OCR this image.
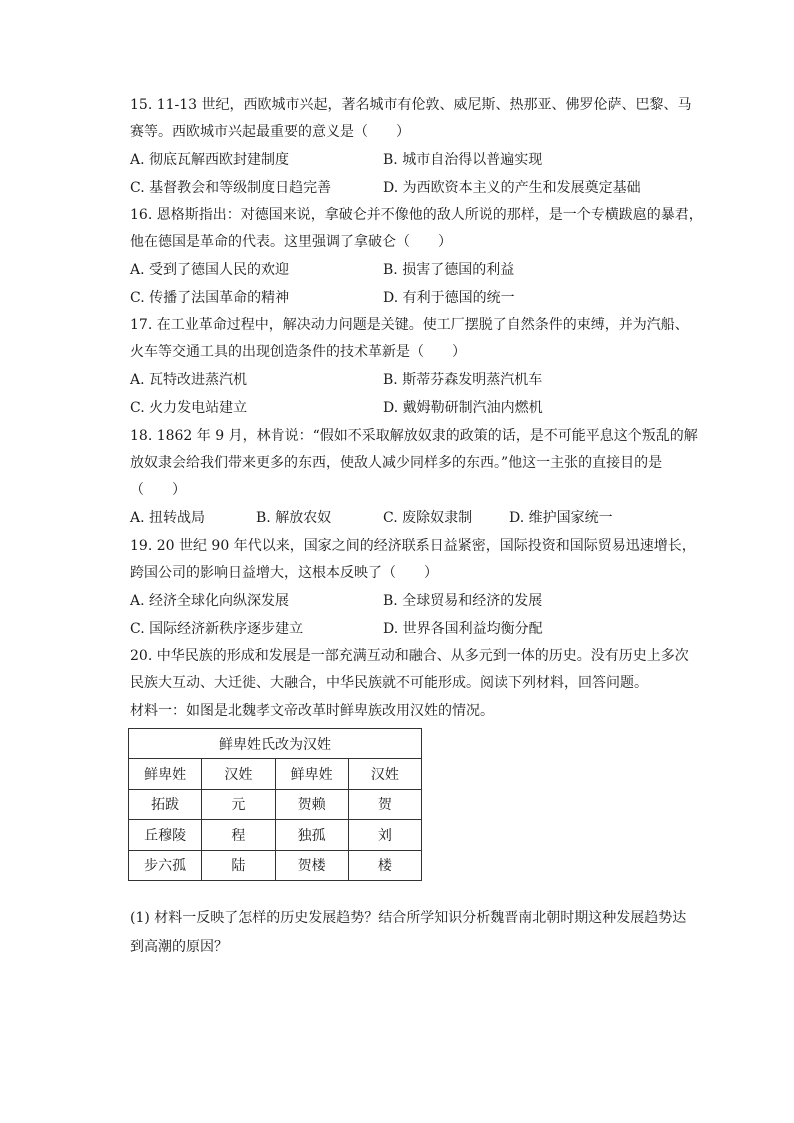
15. 11-13 世纪，西欧城市兴起，著名城市有伦敦、威尼斯、热那亚、佛罗伦萨、巴黎、马
赛等。西欧城市兴起最重要的意义是（　　）
A. 彻底瓦解西欧封建制度	B. 城市自治得以普遍实现
C. 基督教会和等级制度日趋完善	D. 为西欧资本主义的产生和发展奠定基础
16. 恩格斯指出：对德国来说，拿破仑并不像他的敌人所说的那样，是一个专横跋扈的暴君，
他在德国是革命的代表。这里强调了拿破仑（　　）
A. 受到了德国人民的欢迎	B. 损害了德国的利益
C. 传播了法国革命的精神	D. 有利于德国的统一
17. 在工业革命过程中，解决动力问题是关键。使工厂摆脱了自然条件的束缚，并为汽船、
火车等交通工具的出现创造条件的技术革新是（　　）
A. 瓦特改进蒸汽机	B. 斯蒂芬森发明蒸汽机车
C. 火力发电站建立	D. 戴姆勒研制汽油内燃机
18. 1862 年 9 月，林肯说：“假如不采取解放奴隶的政策的话，是不可能平息这个叛乱的解
放奴隶会给我们带来更多的东西，使敌人减少同样多的东西。”他这一主张的直接目的是
（　　）
A. 扭转战局	B. 解放农奴	C. 废除奴隶制	D. 维护国家统一
19. 20 世纪 90 年代以来，国家之间的经济联系日益紧密，国际投资和国际贸易迅速增长，
跨国公司的影响日益增大，这根本反映了（　　）
A. 经济全球化向纵深发展	B. 全球贸易和经济的发展
C. 国际经济新秩序逐步建立	D. 世界各国利益均衡分配
20. 中华民族的形成和发展是一部充满互动和融合、从多元到一体的历史。没有历史上多次
民族大互动、大迁徙、大融合，中华民族就不可能形成。阅读下列材料，回答问题。
材料一：如图是北魏孝文帝改革时鲜卑族改用汉姓的情况。
鲜卑姓氏改为汉姓			
鲜卑姓	汉姓	鲜卑姓	汉姓
拓跋	元	贺赖	贺
丘穆陵	程	独孤	刘
步六孤	陆	贺楼	楼
(1) 材料一反映了怎样的历史发展趋势？结合所学知识分析魏晋南北朝时期这种发展趋势达
到高潮的原因？
